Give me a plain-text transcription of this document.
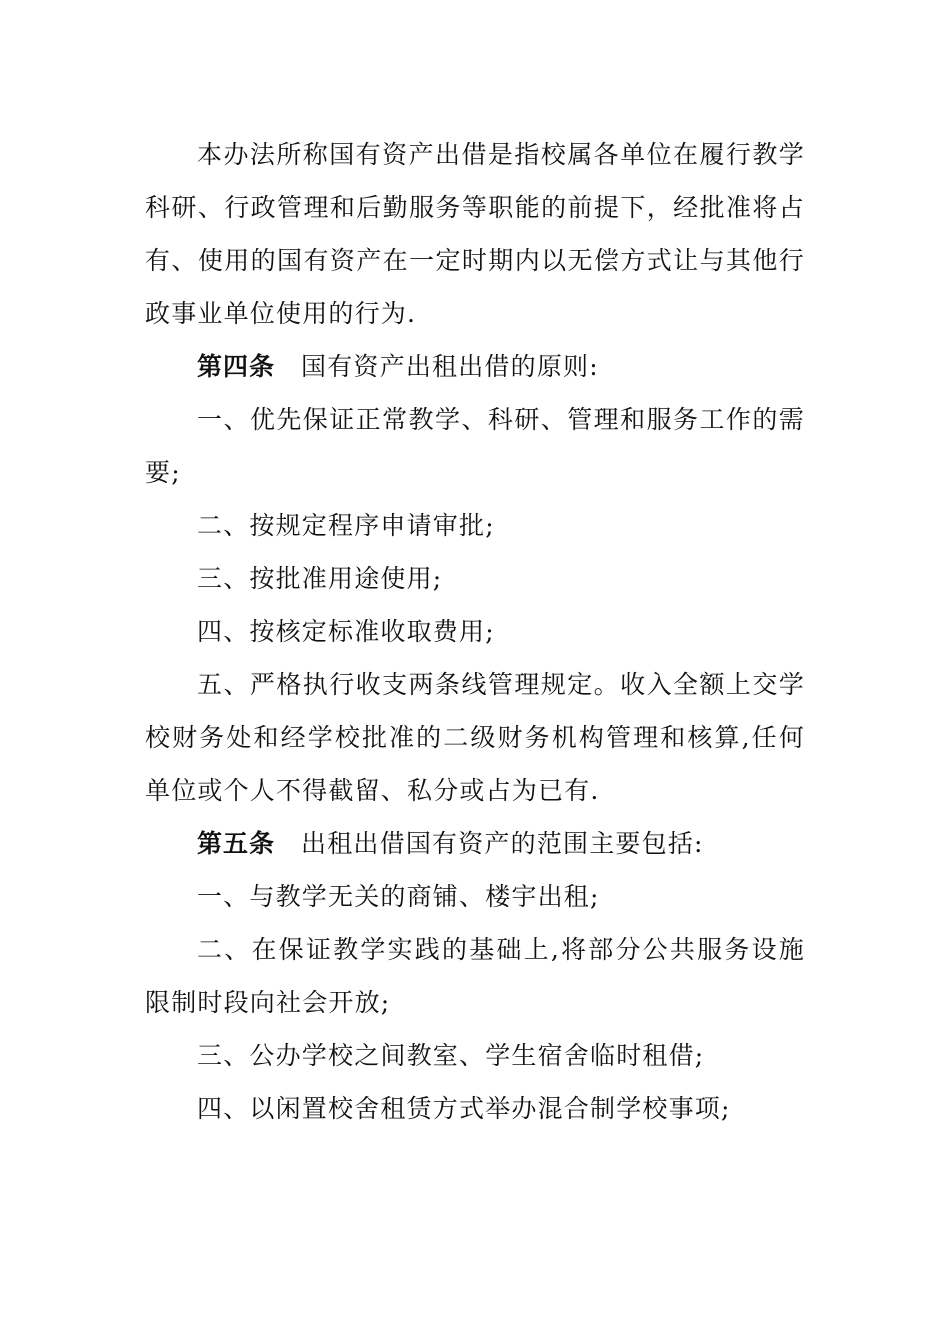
本办法所称国有资产出借是指校属各单位在履行教学科研、行政管理和后勤服务等职能的前提下，经批准将占有、使用的国有资产在一定时期内以无偿方式让与其他行政事业单位使用的行为.

第四条 国有资产出租出借的原则:

一、优先保证正常教学、科研、管理和服务工作的需要;

二、按规定程序申请审批;

三、按批准用途使用;

四、按核定标准收取费用;

五、严格执行收支两条线管理规定。收入全额上交学校财务处和经学校批准的二级财务机构管理和核算,任何单位或个人不得截留、私分或占为已有.

第五条 出租出借国有资产的范围主要包括:

一、与教学无关的商铺、楼宇出租;

二、在保证教学实践的基础上,将部分公共服务设施限制时段向社会开放;

三、公办学校之间教室、学生宿舍临时租借;

四、以闲置校舍租赁方式举办混合制学校事项;
